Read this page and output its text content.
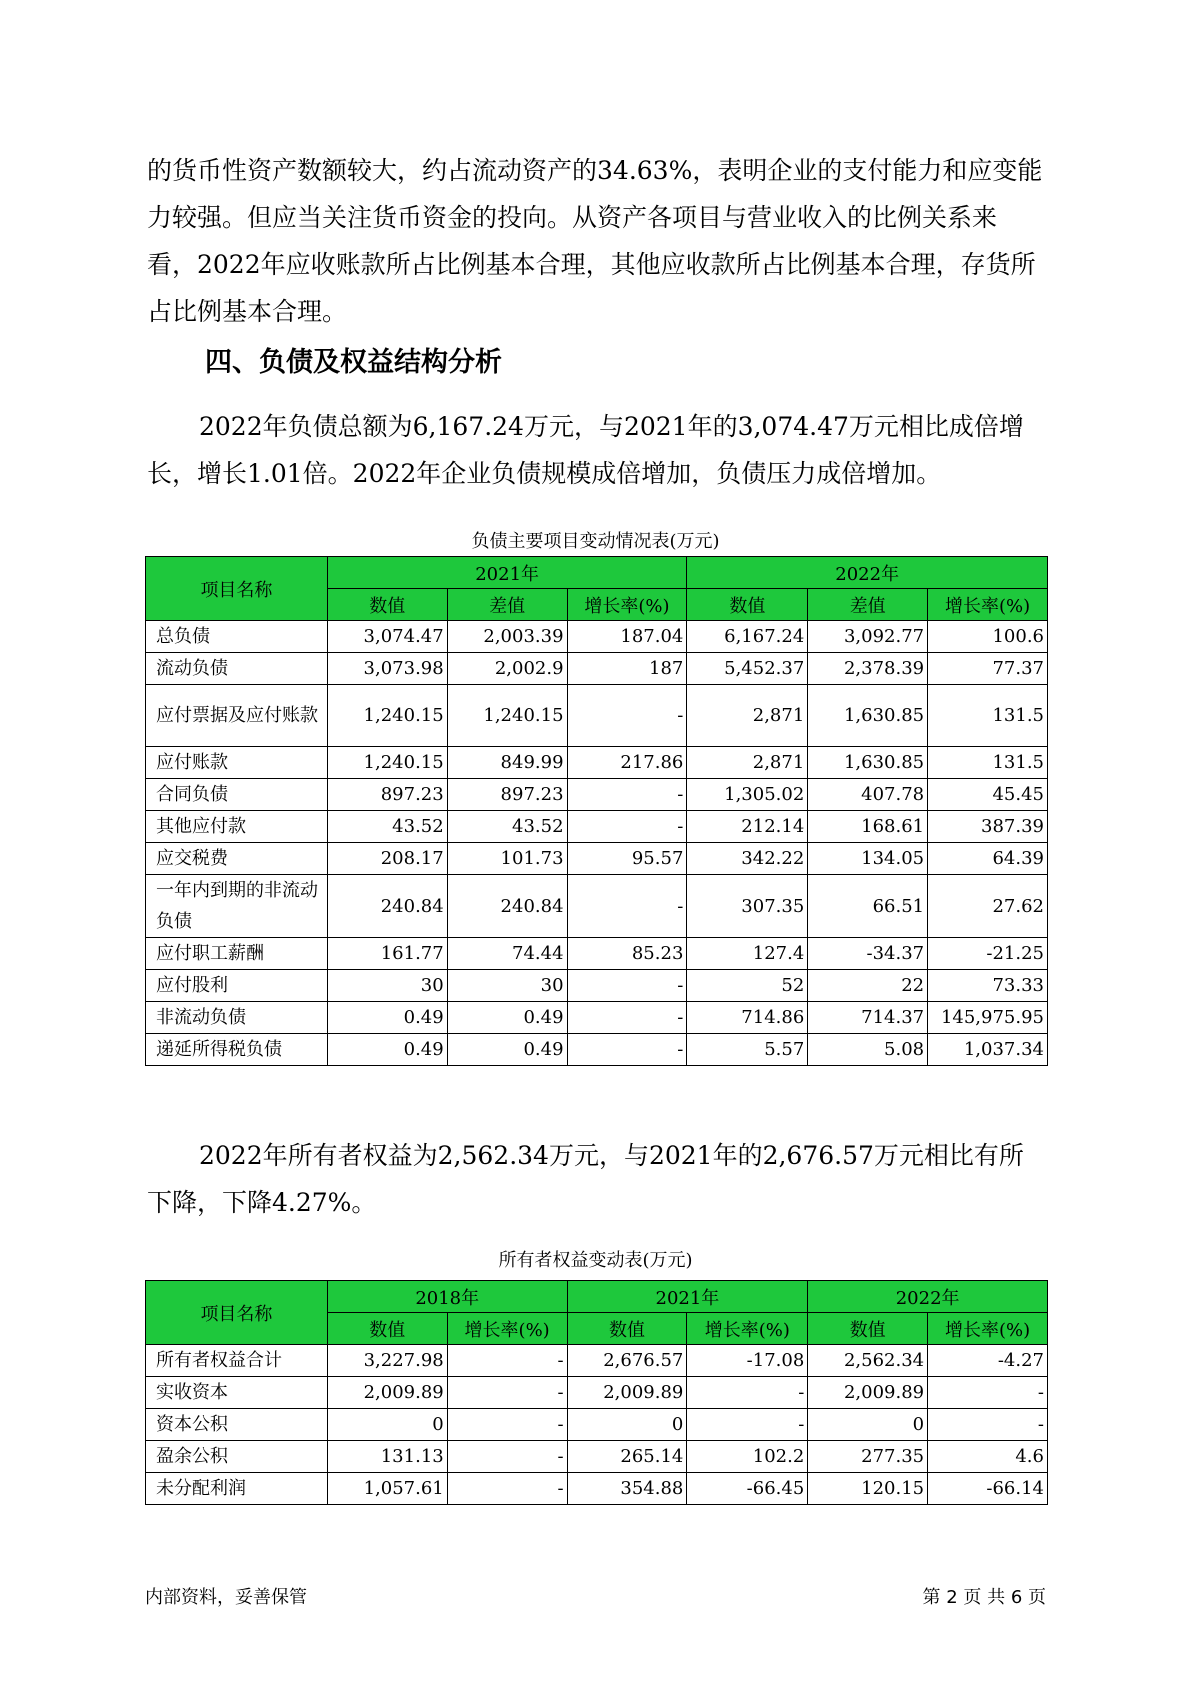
的货币性资产数额较大，约占流动资产的34.63%，表明企业的支付能力和应变能力较强。但应当关注货币资金的投向。从资产各项目与营业收入的比例关系来看，2022年应收账款所占比例基本合理，其他应收款所占比例基本合理，存货所占比例基本合理。

四、负债及权益结构分析

2022年负债总额为6,167.24万元，与2021年的3,074.47万元相比成倍增长，增长1.01倍。2022年企业负债规模成倍增加，负债压力成倍增加。

负债主要项目变动情况表(万元)

项目名称	2021年			2022年		
	数值	差值	增长率(%)	数值	差值	增长率(%)
总负债	3,074.47	2,003.39	187.04	6,167.24	3,092.77	100.6
流动负债	3,073.98	2,002.9	187	5,452.37	2,378.39	77.37
应付票据及应付账款	1,240.15	1,240.15	-	2,871	1,630.85	131.5
应付账款	1,240.15	849.99	217.86	2,871	1,630.85	131.5
合同负债	897.23	897.23	-	1,305.02	407.78	45.45
其他应付款	43.52	43.52	-	212.14	168.61	387.39
应交税费	208.17	101.73	95.57	342.22	134.05	64.39
一年内到期的非流动负债	240.84	240.84	-	307.35	66.51	27.62
应付职工薪酬	161.77	74.44	85.23	127.4	-34.37	-21.25
应付股利	30	30	-	52	22	73.33
非流动负债	0.49	0.49	-	714.86	714.37	145,975.95
递延所得税负债	0.49	0.49	-	5.57	5.08	1,037.34

2022年所有者权益为2,562.34万元，与2021年的2,676.57万元相比有所下降，下降4.27%。

所有者权益变动表(万元)

项目名称	2018年		2021年		2022年	
	数值	增长率(%)	数值	增长率(%)	数值	增长率(%)
所有者权益合计	3,227.98	-	2,676.57	-17.08	2,562.34	-4.27
实收资本	2,009.89	-	2,009.89	-	2,009.89	-
资本公积	0	-	0	-	0	-
盈余公积	131.13	-	265.14	102.2	277.35	4.6
未分配利润	1,057.61	-	354.88	-66.45	120.15	-66.14

内部资料，妥善保管	第 2 页 共 6 页
